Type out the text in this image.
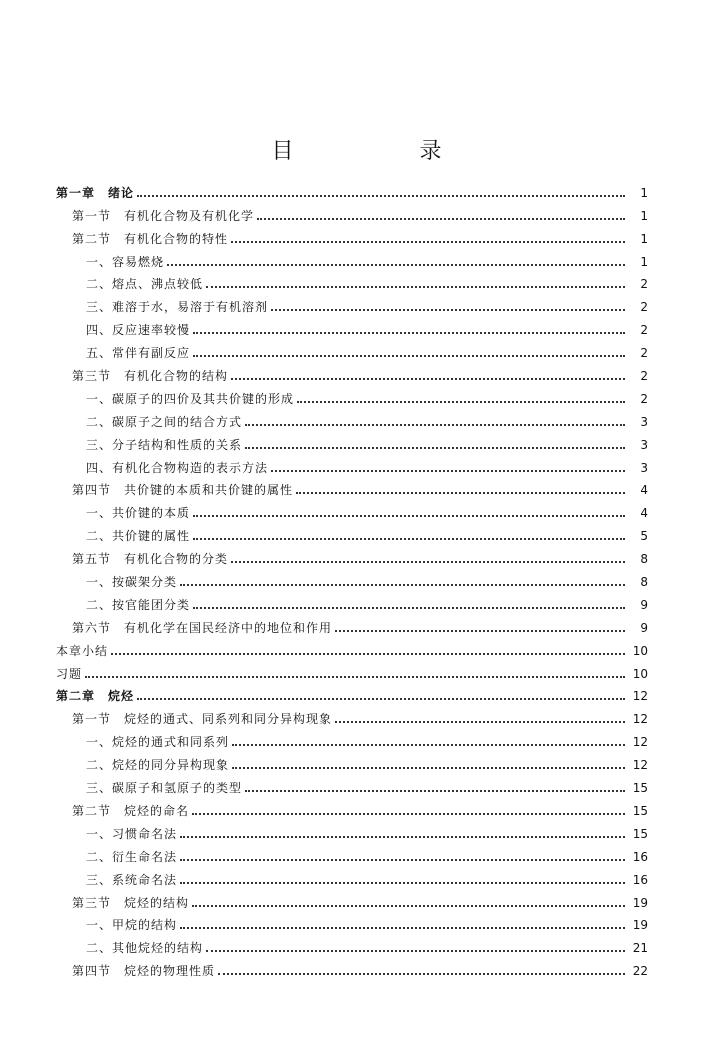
目　录
第一章　绪论	1
第一节　有机化合物及有机化学	1
第二节　有机化合物的特性	1
一、容易燃烧	1
二、熔点、沸点较低	2
三、难溶于水，易溶于有机溶剂	2
四、反应速率较慢	2
五、常伴有副反应	2
第三节　有机化合物的结构	2
一、碳原子的四价及其共价键的形成	2
二、碳原子之间的结合方式	3
三、分子结构和性质的关系	3
四、有机化合物构造的表示方法	3
第四节　共价键的本质和共价键的属性	4
一、共价键的本质	4
二、共价键的属性	5
第五节　有机化合物的分类	8
一、按碳架分类	8
二、按官能团分类	9
第六节　有机化学在国民经济中的地位和作用	9
本章小结	10
习题	10
第二章　烷烃	12
第一节　烷烃的通式、同系列和同分异构现象	12
一、烷烃的通式和同系列	12
二、烷烃的同分异构现象	12
三、碳原子和氢原子的类型	15
第二节　烷烃的命名	15
一、习惯命名法	15
二、衍生命名法	16
三、系统命名法	16
第三节　烷烃的结构	19
一、甲烷的结构	19
二、其他烷烃的结构	21
第四节　烷烃的物理性质	22
